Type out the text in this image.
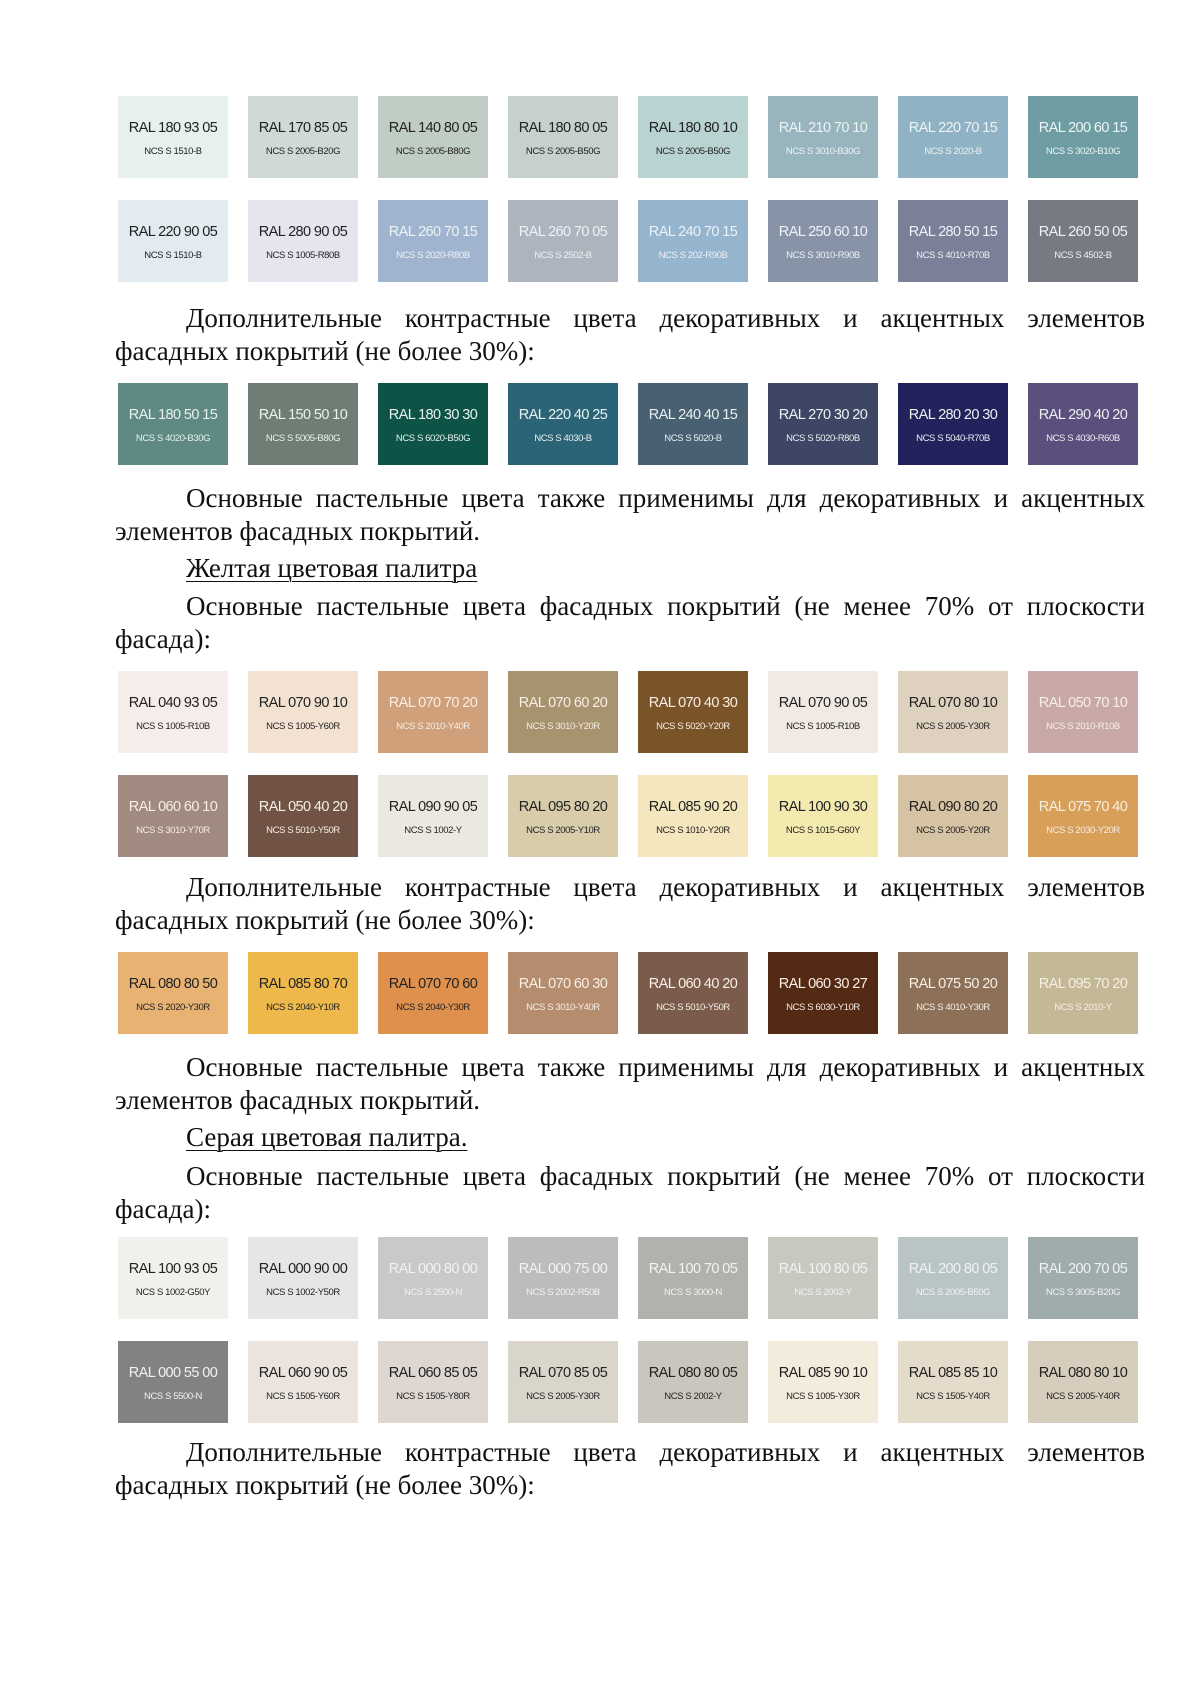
RAL 180 93 05
NCS S 1510-B
RAL 170 85 05
NCS S 2005-B20G
RAL 140 80 05
NCS S 2005-B80G
RAL 180 80 05
NCS S 2005-B50G
RAL 180 80 10
NCS S 2005-B50G
RAL 210 70 10
NCS S 3010-B30G
RAL 220 70 15
NCS S 2020-B
RAL 200 60 15
NCS S 3020-B10G
RAL 220 90 05
NCS S 1510-B
RAL 280 90 05
NCS S 1005-R80B
RAL 260 70 15
NCS S 2020-R80B
RAL 260 70 05
NCS S 2502-B
RAL 240 70 15
NCS S 202-R90B
RAL 250 60 10
NCS S 3010-R90B
RAL 280 50 15
NCS S 4010-R70B
RAL 260 50 05
NCS S 4502-B

Дополнительные контрастные цвета декоративных и акцентных элементов

фасадных покрытий (не более 30%):

RAL 180 50 15
NCS S 4020-B30G
RAL 150 50 10
NCS S 5005-B80G
RAL 180 30 30
NCS S 6020-B50G
RAL 220 40 25
NCS S 4030-B
RAL 240 40 15
NCS S 5020-B
RAL 270 30 20
NCS S 5020-R80B
RAL 280 20 30
NCS S 5040-R70B
RAL 290 40 20
NCS S 4030-R60B

Основные пастельные цвета также применимы для декоративных и акцентных

элементов фасадных покрытий.

Желтая цветовая палитра

Основные пастельные цвета фасадных покрытий (не менее 70% от плоскости

фасада):

RAL 040 93 05
NCS S 1005-R10B
RAL 070 90 10
NCS S 1005-Y60R
RAL 070 70 20
NCS S 2010-Y40R
RAL 070 60 20
NCS S 3010-Y20R
RAL 070 40 30
NCS S 5020-Y20R
RAL 070 90 05
NCS S 1005-R10B
RAL 070 80 10
NCS S 2005-Y30R
RAL 050 70 10
NCS S 2010-R10B
RAL 060 60 10
NCS S 3010-Y70R
RAL 050 40 20
NCS S 5010-Y50R
RAL 090 90 05
NCS S 1002-Y
RAL 095 80 20
NCS S 2005-Y10R
RAL 085 90 20
NCS S 1010-Y20R
RAL 100 90 30
NCS S 1015-G60Y
RAL 090 80 20
NCS S 2005-Y20R
RAL 075 70 40
NCS S 2030-Y20R

Дополнительные контрастные цвета декоративных и акцентных элементов

фасадных покрытий (не более 30%):

RAL 080 80 50
NCS S 2020-Y30R
RAL 085 80 70
NCS S 2040-Y10R
RAL 070 70 60
NCS S 2040-Y30R
RAL 070 60 30
NCS S 3010-Y40R
RAL 060 40 20
NCS S 5010-Y50R
RAL 060 30 27
NCS S 6030-Y10R
RAL 075 50 20
NCS S 4010-Y30R
RAL 095 70 20
NCS S 2010-Y

Основные пастельные цвета также применимы для декоративных и акцентных

элементов фасадных покрытий.

Серая цветовая палитра.

Основные пастельные цвета фасадных покрытий (не менее 70% от плоскости

фасада):

RAL 100 93 05
NCS S 1002-G50Y
RAL 000 90 00
NCS S 1002-Y50R
RAL 000 80 00
NCS S 2500-N
RAL 000 75 00
NCS S 2002-R50B
RAL 100 70 05
NCS S 3000-N
RAL 100 80 05
NCS S 2002-Y
RAL 200 80 05
NCS S 2005-B50G
RAL 200 70 05
NCS S 3005-B20G
RAL 000 55 00
NCS S 5500-N
RAL 060 90 05
NCS S 1505-Y60R
RAL 060 85 05
NCS S 1505-Y80R
RAL 070 85 05
NCS S 2005-Y30R
RAL 080 80 05
NCS S 2002-Y
RAL 085 90 10
NCS S 1005-Y30R
RAL 085 85 10
NCS S 1505-Y40R
RAL 080 80 10
NCS S 2005-Y40R

Дополнительные контрастные цвета декоративных и акцентных элементов

фасадных покрытий (не более 30%):
